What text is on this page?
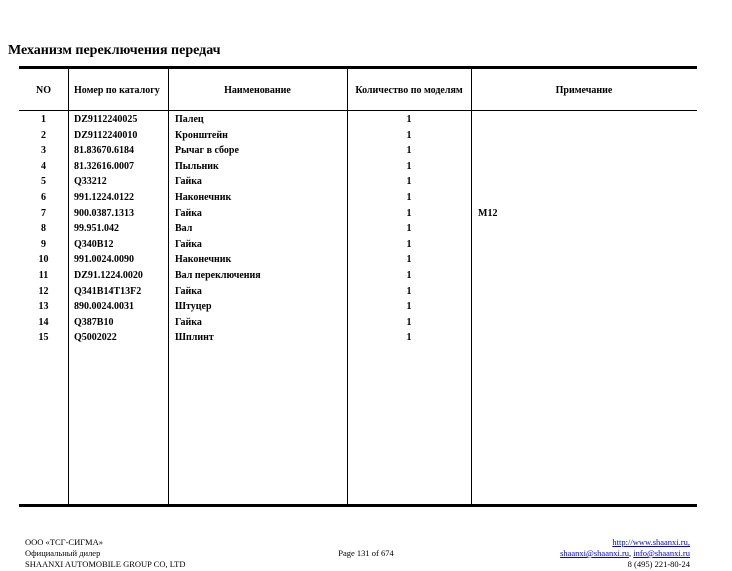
Механизм переключения передач
NO	Номер по каталогу	Наименование	Количество по моделям	Примечание
1	DZ9112240025	Палец	1
2	DZ9112240010	Кронштейн	1
3	81.83670.6184	Рычаг в сборе	1
4	81.32616.0007	Пыльник	1
5	Q33212	Гайка	1
6	991.1224.0122	Наконечник	1
7	900.0387.1313	Гайка	1	M12
8	99.951.042	Вал	1
9	Q340B12	Гайка	1
10	991.0024.0090	Наконечник	1
11	DZ91.1224.0020	Вал переключения	1
12	Q341B14T13F2	Гайка	1
13	890.0024.0031	Штуцер	1
14	Q387B10	Гайка	1
15	Q5002022	Шплинт	1
ООО «ТСГ-СИГМА»
Официальный дилер
SHAANXI AUTOMOBILE GROUP CO, LTD
Page 131 of 674
http://www.shaanxi.ru,
shaanxi@shaanxi.ru, info@shaanxi.ru
8 (495) 221-80-24
